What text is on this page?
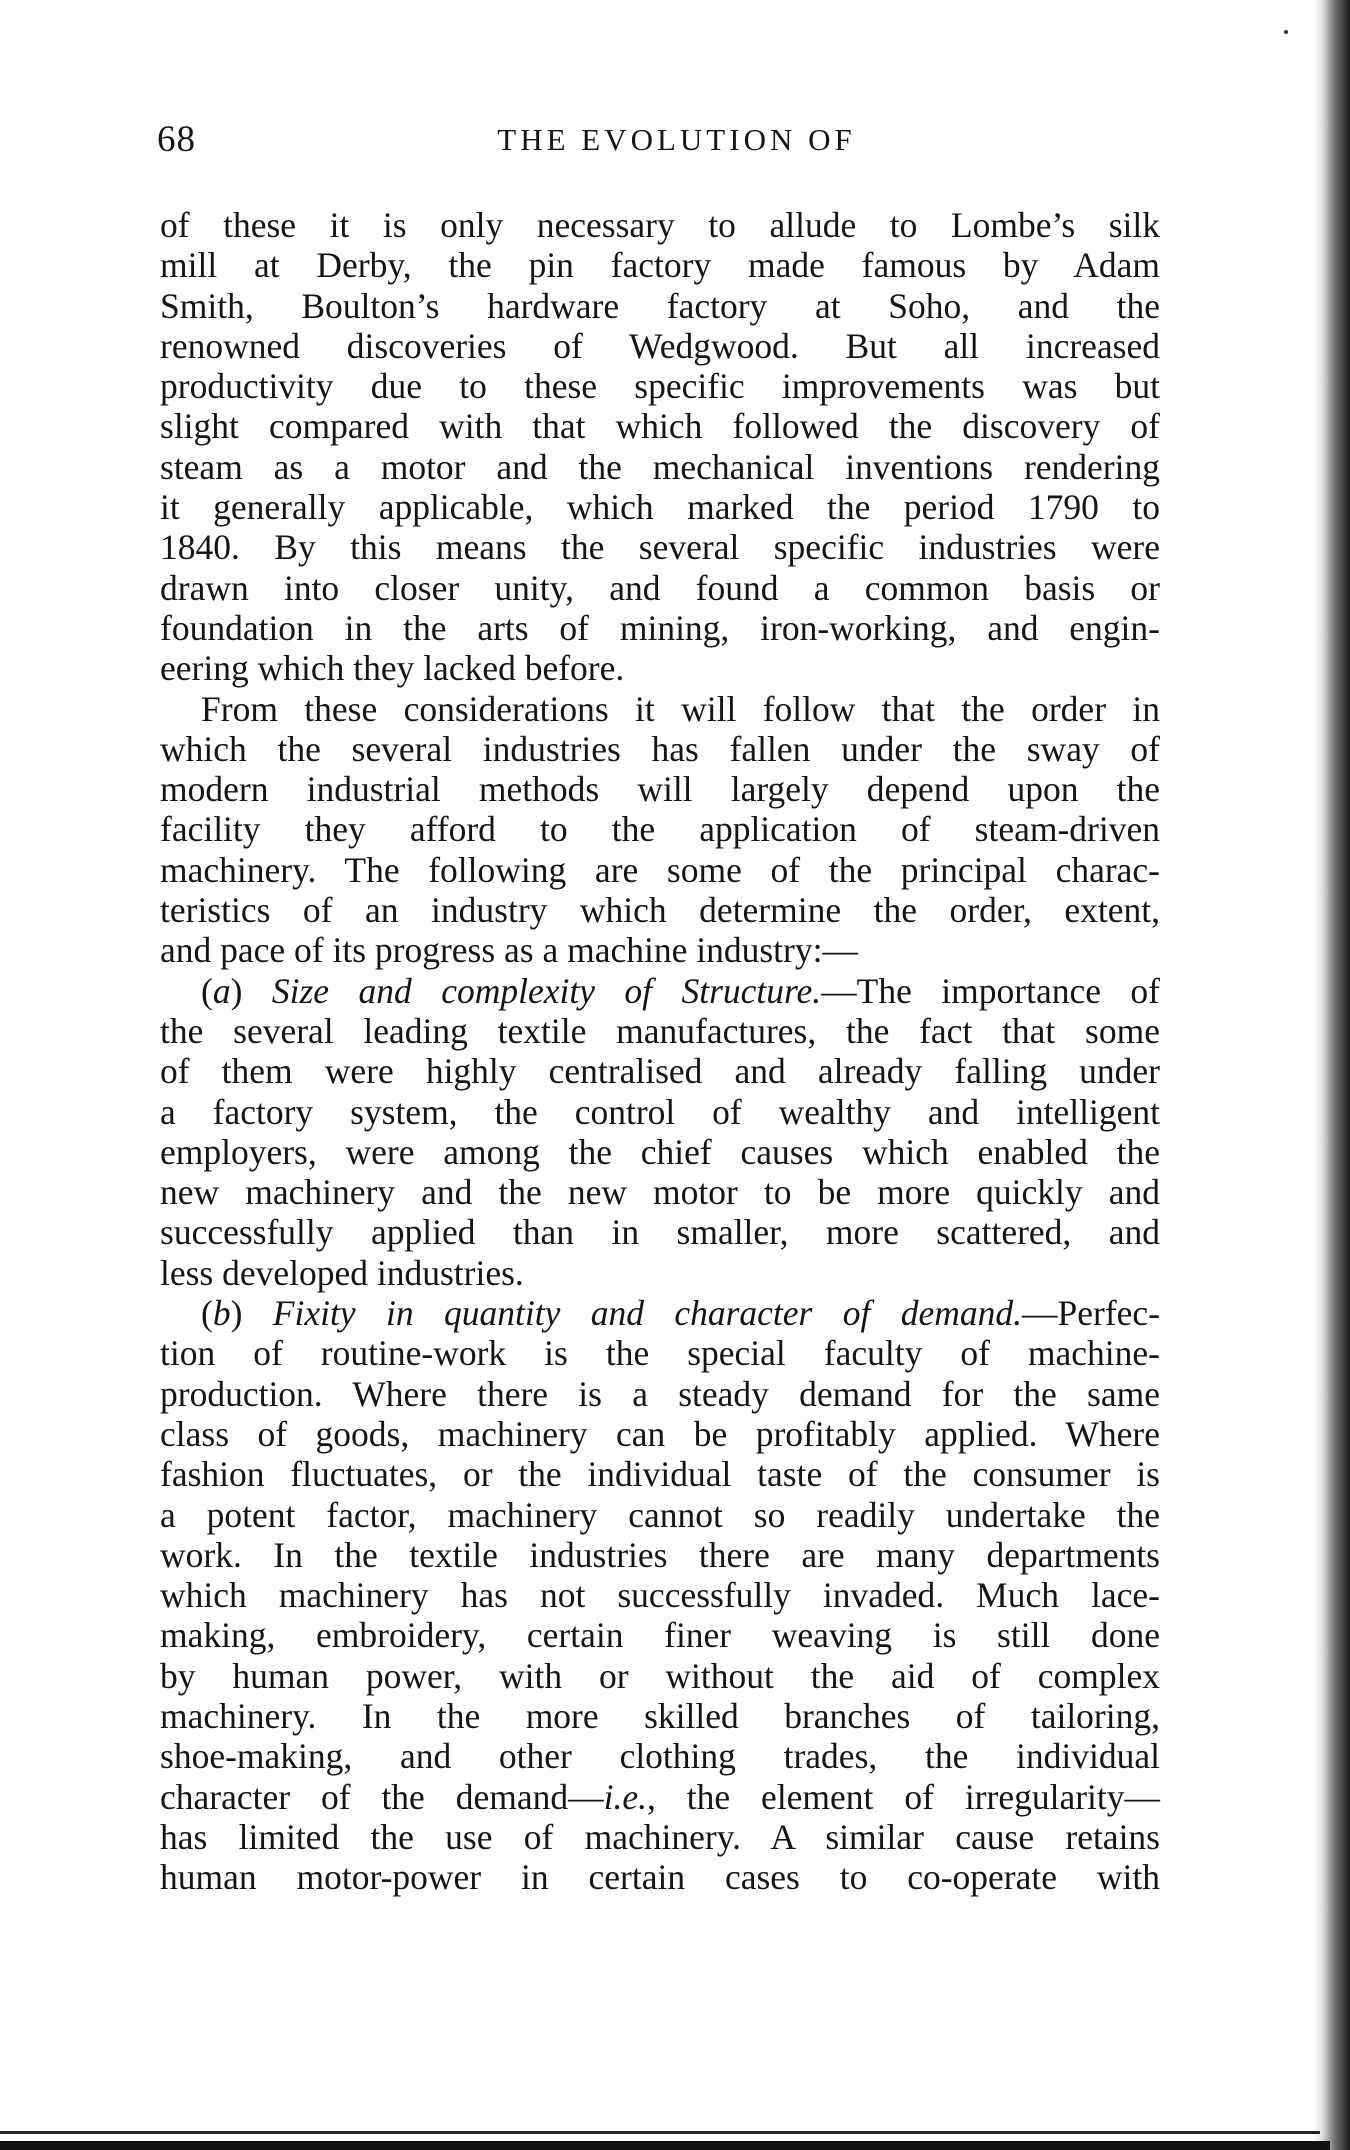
68	THE EVOLUTION OF

of these it is only necessary to allude to Lombe’s silk

mill at Derby, the pin factory made famous by Adam

Smith, Boulton’s hardware factory at Soho, and the

renowned discoveries of Wedgwood. But all increased

productivity due to these specific improvements was but

slight compared with that which followed the discovery of

steam as a motor and the mechanical inventions rendering

it generally applicable, which marked the period 1790 to

1840. By this means the several specific industries were

drawn into closer unity, and found a common basis or

foundation in the arts of mining, iron-working, and engin-

eering which they lacked before.

From these considerations it will follow that the order in

which the several industries has fallen under the sway of

modern industrial methods will largely depend upon the

facility they afford to the application of steam-driven

machinery. The following are some of the principal charac-

teristics of an industry which determine the order, extent,

and pace of its progress as a machine industry:—

(a) Size and complexity of Structure.—The importance of

the several leading textile manufactures, the fact that some

of them were highly centralised and already falling under

a factory system, the control of wealthy and intelligent

employers, were among the chief causes which enabled the

new machinery and the new motor to be more quickly and

successfully applied than in smaller, more scattered, and

less developed industries.

(b) Fixity in quantity and character of demand.—Perfec-

tion of routine-work is the special faculty of machine-

production. Where there is a steady demand for the same

class of goods, machinery can be profitably applied. Where

fashion fluctuates, or the individual taste of the consumer is

a potent factor, machinery cannot so readily undertake the

work. In the textile industries there are many departments

which machinery has not successfully invaded. Much lace-

making, embroidery, certain finer weaving is still done

by human power, with or without the aid of complex

machinery. In the more skilled branches of tailoring,

shoe-making, and other clothing trades, the individual

character of the demand—i.e., the element of irregularity—

has limited the use of machinery. A similar cause retains

human motor-power in certain cases to co-operate with
